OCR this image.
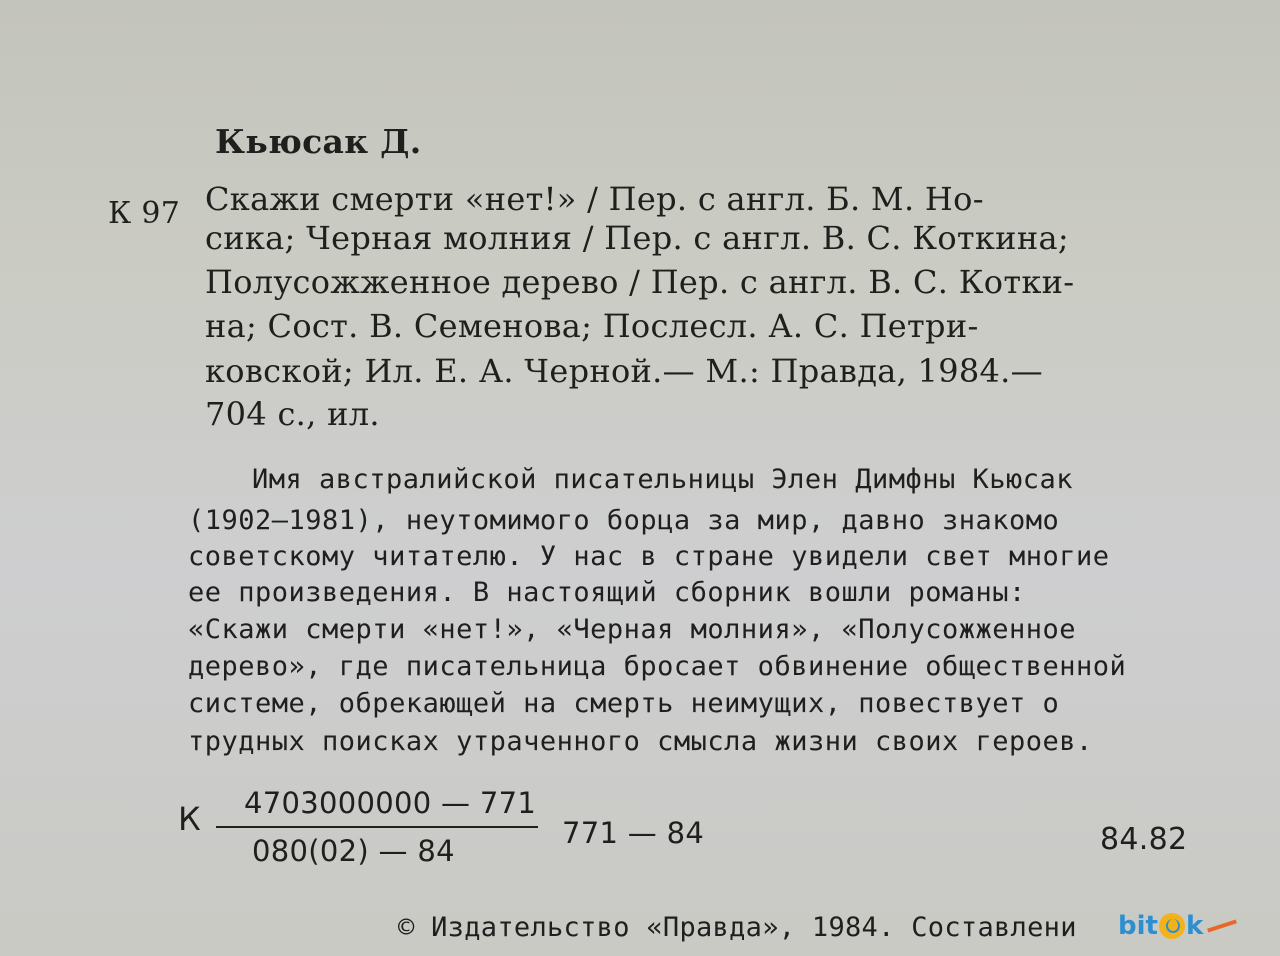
Кьюсак Д.
К 97 Скажи смерти «нет!» / Пер. с англ. Б. М. Но-
сика; Черная молния / Пер. с англ. В. С. Коткина;
Полусожженное дерево / Пер. с англ. В. С. Котки-
на; Сост. В. Семенова; Послесл. А. С. Петри-
ковской; Ил. Е. А. Черной.— М.: Правда, 1984.—
704 с., ил.
Имя австралийской писательницы Элен Димфны Кьюсак
(1902—1981), неутомимого борца за мир, давно знакомо
советскому читателю. У нас в стране увидели свет многие
ее произведения. В настоящий сборник вошли романы:
«Скажи смерти «нет!», «Черная молния», «Полусожженное
дерево», где писательница бросает обвинение общественной
системе, обрекающей на смерть неимущих, повествует о
трудных поисках утраченного смысла жизни своих героев.
К 4703000000 — 771
080(02) — 84
771 — 84	84.82
© Издательство «Правда», 1984. Составлени bit k
